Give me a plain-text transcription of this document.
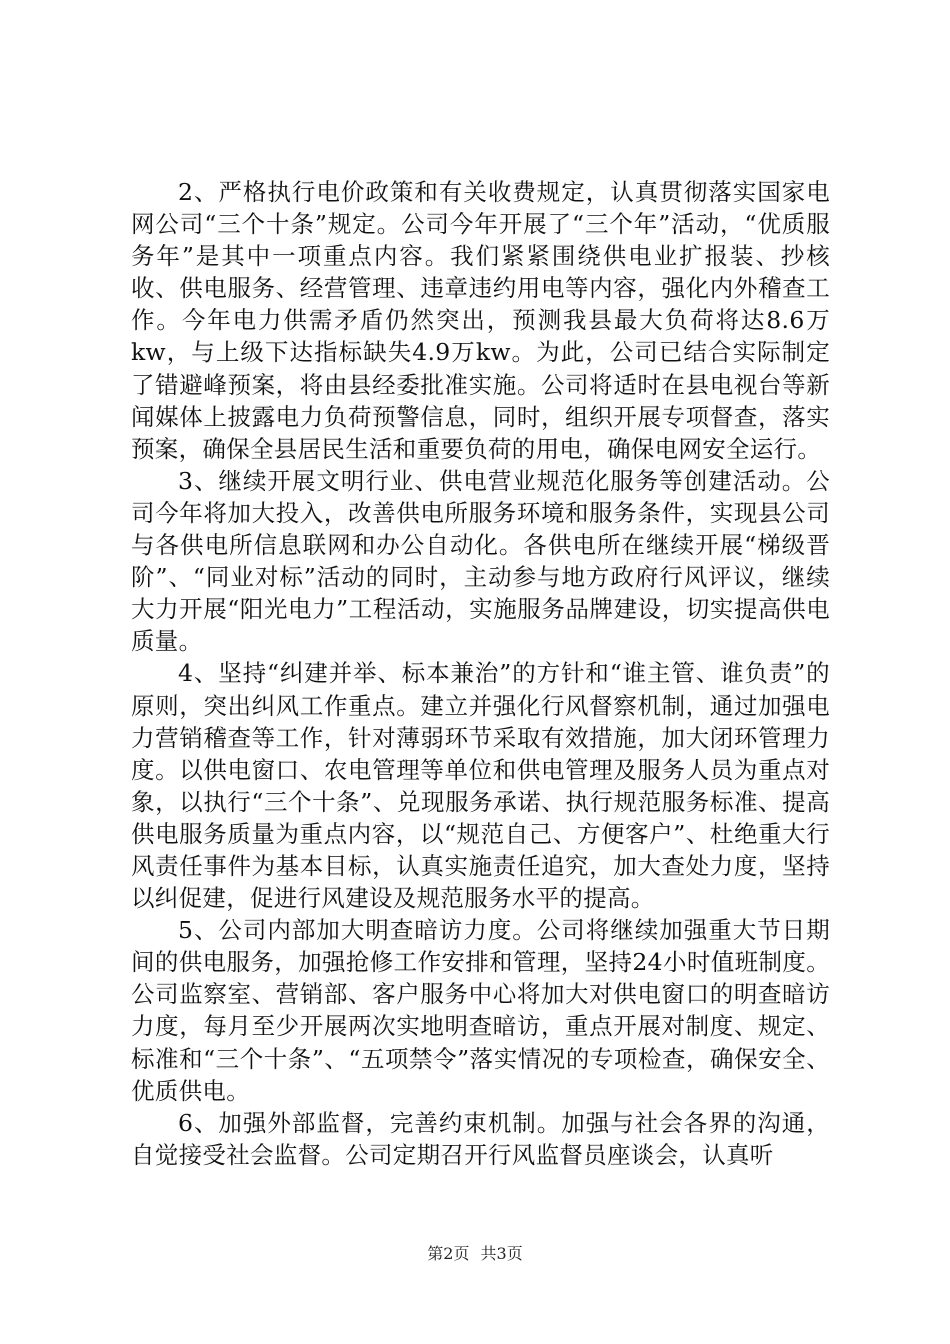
2、严格执行电价政策和有关收费规定，认真贯彻落实国家电网公司“三个十条”规定。公司今年开展了“三个年”活动，“优质服务年”是其中一项重点内容。我们紧紧围绕供电业扩报装、抄核收、供电服务、经营管理、违章违约用电等内容，强化内外稽查工作。今年电力供需矛盾仍然突出，预测我县最大负荷将达8.6万kw，与上级下达指标缺失4.9万kw。为此，公司已结合实际制定了错避峰预案，将由县经委批准实施。公司将适时在县电视台等新闻媒体上披露电力负荷预警信息，同时，组织开展专项督查，落实预案，确保全县居民生活和重要负荷的用电，确保电网安全运行。

3、继续开展文明行业、供电营业规范化服务等创建活动。公司今年将加大投入，改善供电所服务环境和服务条件，实现县公司与各供电所信息联网和办公自动化。各供电所在继续开展“梯级晋阶”、“同业对标”活动的同时，主动参与地方政府行风评议，继续大力开展“阳光电力”工程活动，实施服务品牌建设，切实提高供电质量。

4、坚持“纠建并举、标本兼治”的方针和“谁主管、谁负责”的原则，突出纠风工作重点。建立并强化行风督察机制，通过加强电力营销稽查等工作，针对薄弱环节采取有效措施，加大闭环管理力度。以供电窗口、农电管理等单位和供电管理及服务人员为重点对象，以执行“三个十条”、兑现服务承诺、执行规范服务标准、提高供电服务质量为重点内容，以“规范自己、方便客户”、杜绝重大行风责任事件为基本目标，认真实施责任追究，加大查处力度，坚持以纠促建，促进行风建设及规范服务水平的提高。

5、公司内部加大明查暗访力度。公司将继续加强重大节日期间的供电服务，加强抢修工作安排和管理，坚持24小时值班制度。公司监察室、营销部、客户服务中心将加大对供电窗口的明查暗访力度，每月至少开展两次实地明查暗访，重点开展对制度、规定、标准和“三个十条”、“五项禁令”落实情况的专项检查，确保安全、优质供电。

6、加强外部监督，完善约束机制。加强与社会各界的沟通，自觉接受社会监督。公司定期召开行风监督员座谈会，认真听

第2页 共3页
